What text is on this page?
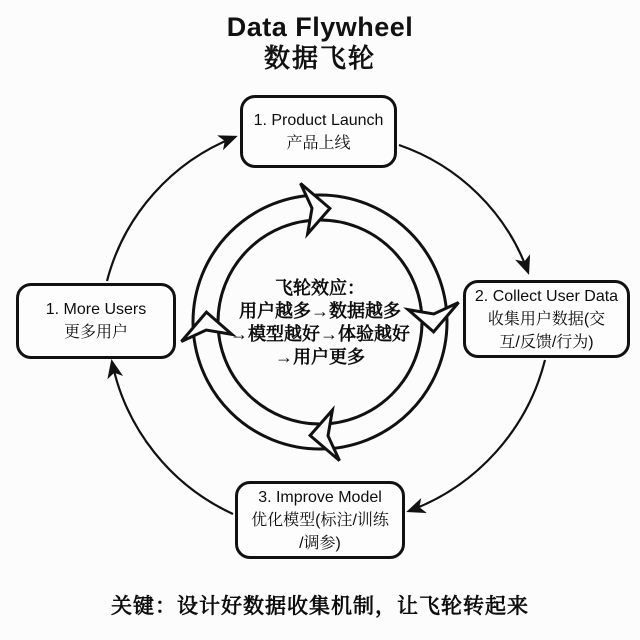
Data Flywheel
数据飞轮
1. Product Launch
产品上线
2. Collect User Data
收集用户数据(交
互/反馈/行为)
3. Improve Model
优化模型(标注/训练
/调参)
1. More Users
更多用户
飞轮效应：
用户越多→数据越多
→模型越好→体验越好
→用户更多
关键：设计好数据收集机制，让飞轮转起来
